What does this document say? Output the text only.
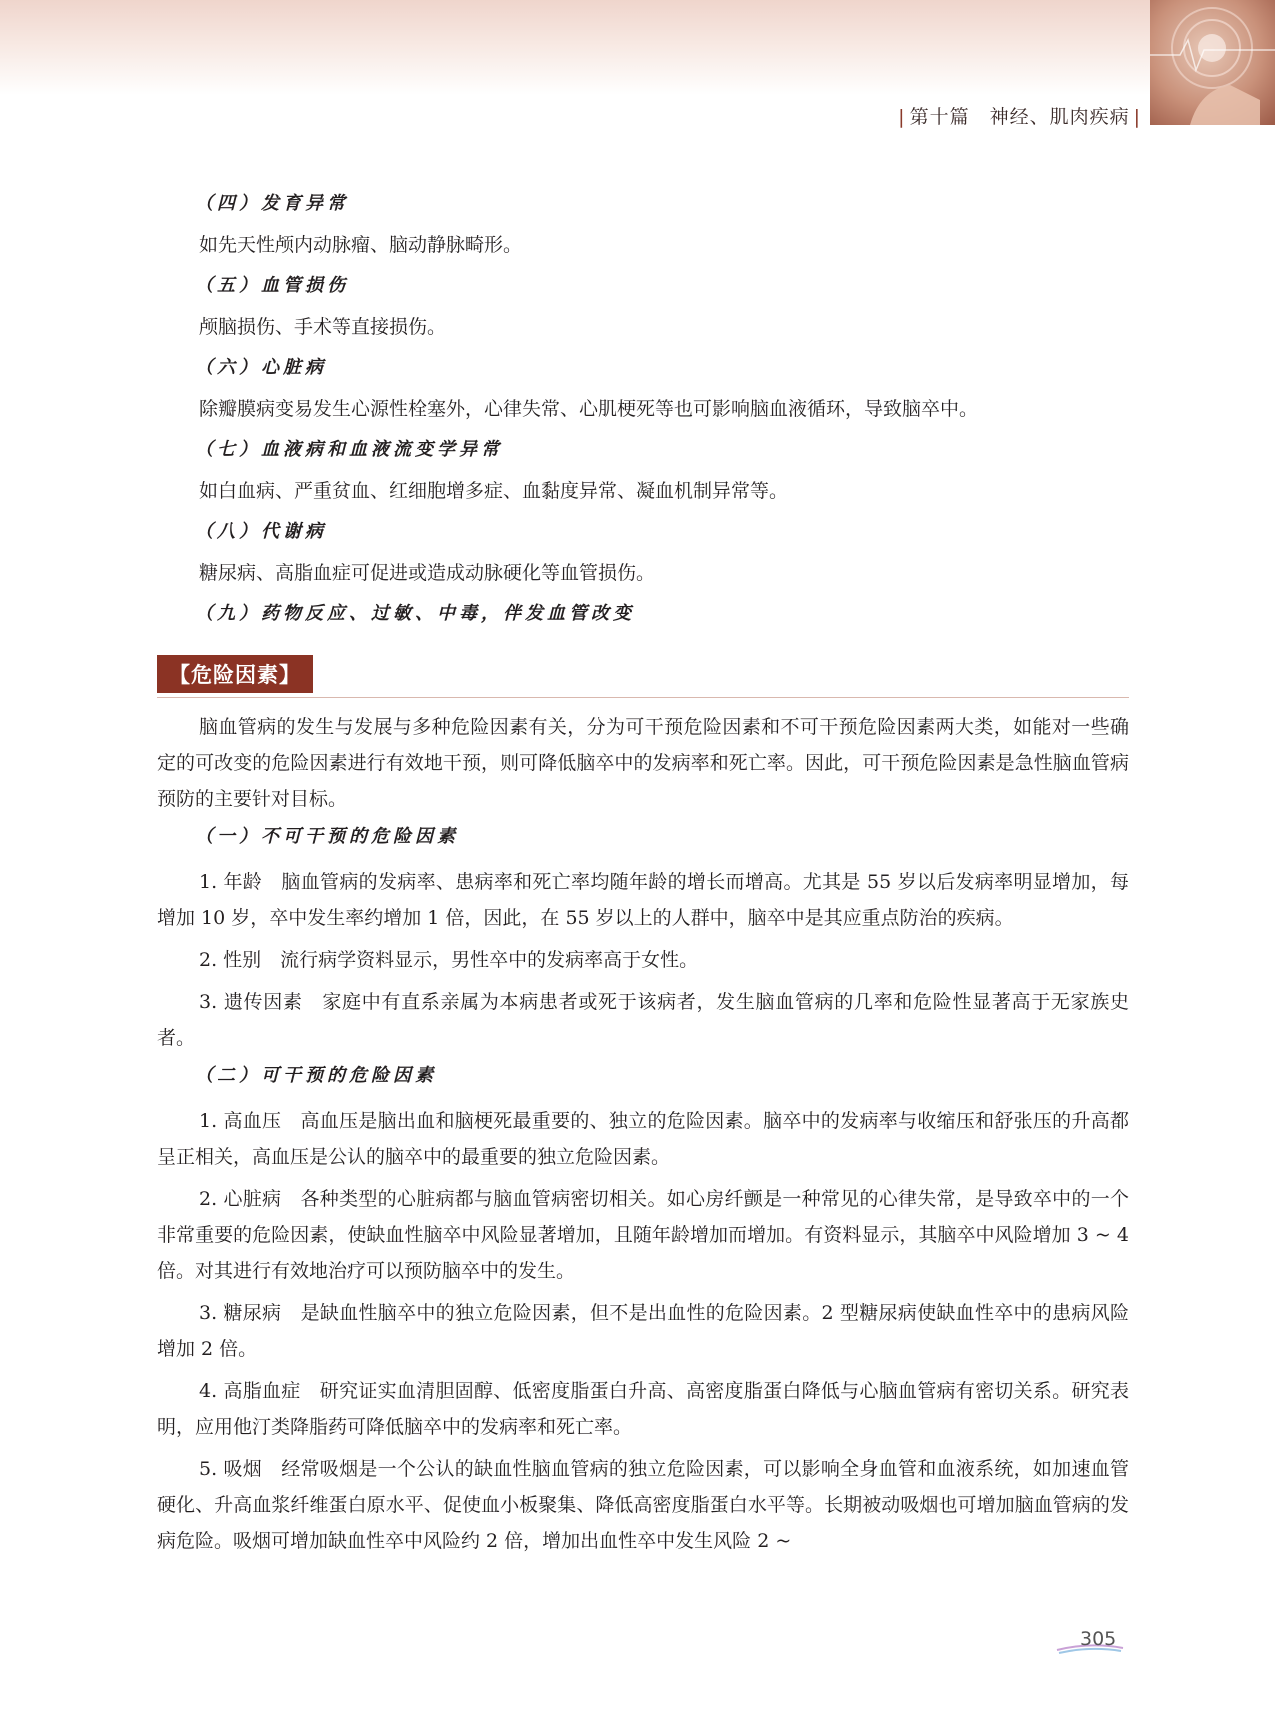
| 第十篇　神经、肌肉疾病 |
（四）发育异常
如先天性颅内动脉瘤、脑动静脉畸形。
（五）血管损伤
颅脑损伤、手术等直接损伤。
（六）心脏病
除瓣膜病变易发生心源性栓塞外，心律失常、心肌梗死等也可影响脑血液循环，导致脑卒中。
（七）血液病和血液流变学异常
如白血病、严重贫血、红细胞增多症、血黏度异常、凝血机制异常等。
（八）代谢病
糖尿病、高脂血症可促进或造成动脉硬化等血管损伤。
（九）药物反应、过敏、中毒，伴发血管改变
【危险因素】

脑血管病的发生与发展与多种危险因素有关，分为可干预危险因素和不可干预危险因素两大类，如能对一些确定的可改变的危险因素进行有效地干预，则可降低脑卒中的发病率和死亡率。因此，可干预危险因素是急性脑血管病预防的主要针对目标。

（一）不可干预的危险因素

1. 年龄　脑血管病的发病率、患病率和死亡率均随年龄的增长而增高。尤其是 55 岁以后发病率明显增加，每增加 10 岁，卒中发生率约增加 1 倍，因此，在 55 岁以上的人群中，脑卒中是其应重点防治的疾病。

2. 性别　流行病学资料显示，男性卒中的发病率高于女性。

3. 遗传因素　家庭中有直系亲属为本病患者或死于该病者，发生脑血管病的几率和危险性显著高于无家族史者。

（二）可干预的危险因素

1. 高血压　高血压是脑出血和脑梗死最重要的、独立的危险因素。脑卒中的发病率与收缩压和舒张压的升高都呈正相关，高血压是公认的脑卒中的最重要的独立危险因素。

2. 心脏病　各种类型的心脏病都与脑血管病密切相关。如心房纤颤是一种常见的心律失常，是导致卒中的一个非常重要的危险因素，使缺血性脑卒中风险显著增加，且随年龄增加而增加。有资料显示，其脑卒中风险增加 3 ~ 4 倍。对其进行有效地治疗可以预防脑卒中的发生。

3. 糖尿病　是缺血性脑卒中的独立危险因素，但不是出血性的危险因素。2 型糖尿病使缺血性卒中的患病风险增加 2 倍。

4. 高脂血症　研究证实血清胆固醇、低密度脂蛋白升高、高密度脂蛋白降低与心脑血管病有密切关系。研究表明，应用他汀类降脂药可降低脑卒中的发病率和死亡率。

5. 吸烟　经常吸烟是一个公认的缺血性脑血管病的独立危险因素，可以影响全身血管和血液系统，如加速血管硬化、升高血浆纤维蛋白原水平、促使血小板聚集、降低高密度脂蛋白水平等。长期被动吸烟也可增加脑血管病的发病危险。吸烟可增加缺血性卒中风险约 2 倍，增加出血性卒中发生风险 2 ~

305
